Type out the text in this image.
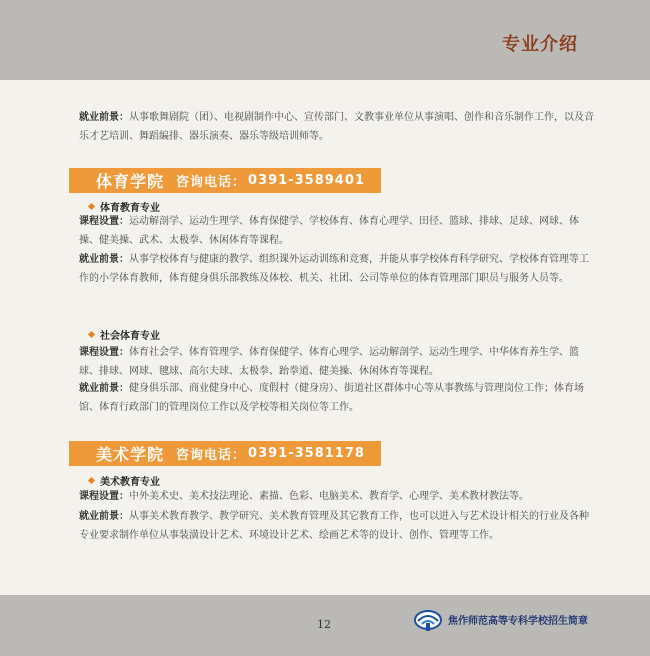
专业介绍
就业前景：从事歌舞剧院（团）、电视剧制作中心、宣传部门、文教事业单位从事演唱、创作和音乐制作工作，以及音乐才艺培训、舞蹈编排、器乐演奏、器乐等级培训师等。
体育学院 咨询电话： 0391-3589401
体育教育专业
课程设置：运动解剖学、运动生理学、体育保健学、学校体育、体育心理学、田径、篮球、排球、足球、网球、体操、健美操、武术、太极拳、休闲体育等课程。
就业前景：从事学校体育与健康的教学、组织课外运动训练和竞赛，并能从事学校体育科学研究、学校体育管理等工作的小学体育教师，体育健身俱乐部教练及体校、机关、社团、公司等单位的体育管理部门职员与服务人员等。
社会体育专业
课程设置：体育社会学、体育管理学、体育保健学、体育心理学、运动解剖学、运动生理学、中华体育养生学、篮球、排球、网球、毽球、高尔夫球、太极拳、跆拳道、健美操、休闲体育等课程。
就业前景：健身俱乐部、商业健身中心、度假村（健身房）、街道社区群体中心等从事教练与管理岗位工作；体育场馆、体育行政部门的管理岗位工作以及学校等相关岗位等工作。
美术学院 咨询电话： 0391-3581178
美术教育专业
课程设置：中外美术史、美术技法理论、素描、色彩、电脑美术、教育学、心理学、美术教材教法等。
就业前景：从事美术教育教学、教学研究、美术教育管理及其它教育工作，也可以进入与艺术设计相关的行业及各种专业要求制作单位从事装潢设计艺术、环境设计艺术、绘画艺术等的设计、创作、管理等工作。
12	焦作师范高等专科学校招生简章
